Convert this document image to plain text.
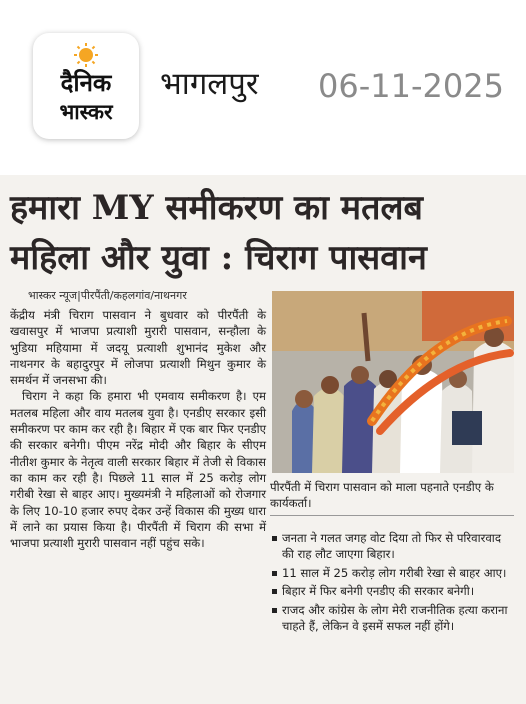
दैनिक
भास्कर
भागलपुर 06-11-2025
हमारा MY समीकरण का मतलब
महिला और युवा : चिराग पासवान
भास्कर न्यूज|पीरपैंती/कहलगांव/नाथनगर

केंद्रीय मंत्री चिराग पासवान ने बुधवार को पीरपैंती के खवासपुर में भाजपा प्रत्याशी मुरारी पासवान, सन्हौला के भुडिया महियामा में जदयू प्रत्याशी शुभानंद मुकेश और नाथनगर के बहादुरपुर में लोजपा प्रत्याशी मिथुन कुमार के समर्थन में जनसभा की।

चिराग ने कहा कि हमारा भी एमवाय समीकरण है। एम मतलब महिला और वाय मतलब युवा है। एनडीए सरकार इसी समीकरण पर काम कर रही है। बिहार में एक बार फिर एनडीए की सरकार बनेगी। पीएम नरेंद्र मोदी और बिहार के सीएम नीतीश कुमार के नेतृत्व वाली सरकार बिहार में तेजी से विकास का काम कर रही है। पिछले 11 साल में 25 करोड़ लोग गरीबी रेखा से बाहर आए। मुख्यमंत्री ने महिलाओं को रोजगार के लिए 10-10 हजार रुपए देकर उन्हें विकास की मुख्य धारा में लाने का प्रयास किया है। पीरपैंती में चिराग की सभा में भाजपा प्रत्याशी मुरारी पासवान नहीं पहुंच सके।

पीरपैंती में चिराग पासवान को माला पहनाते एनडीए के कार्यकर्ता।
जनता ने गलत जगह वोट दिया तो फिर से परिवारवाद की राह लौट जाएगा बिहार।
11 साल में 25 करोड़ लोग गरीबी रेखा से बाहर आए।
बिहार में फिर बनेगी एनडीए की सरकार बनेगी।
राजद और कांग्रेस के लोग मेरी राजनीतिक हत्या कराना चाहते हैं, लेकिन वे इसमें सफल नहीं होंगे।
